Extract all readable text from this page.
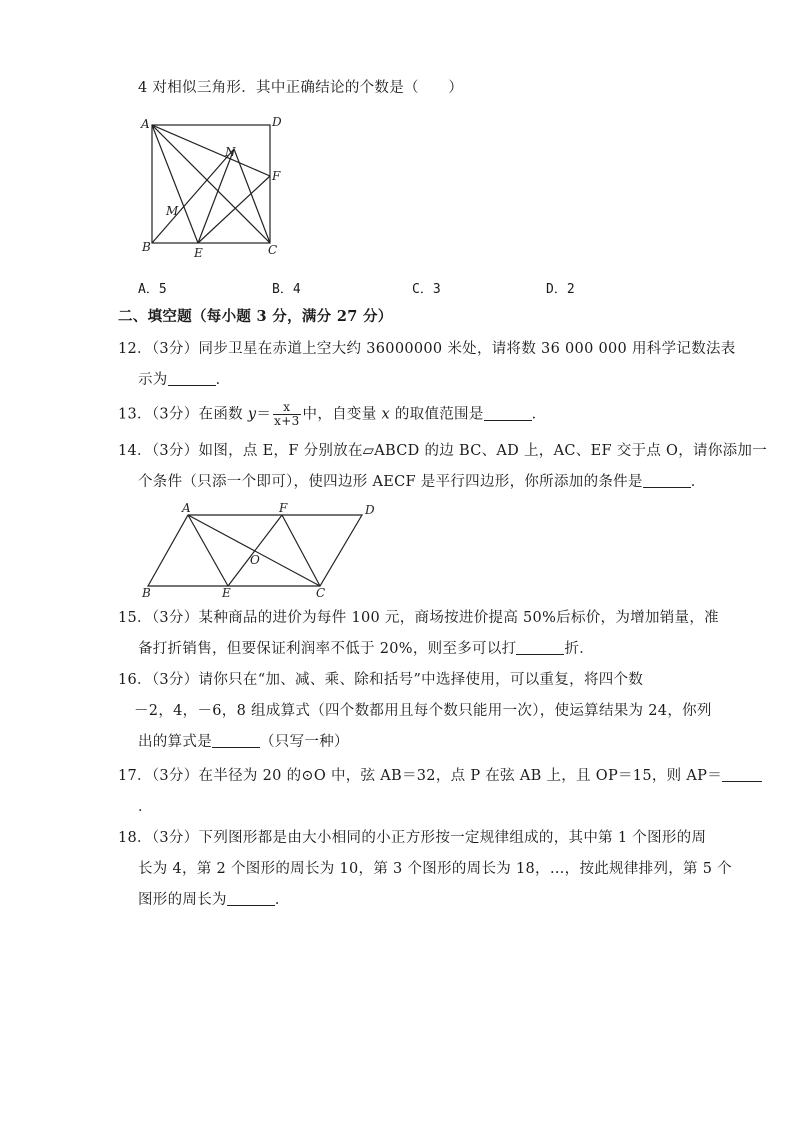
4 对相似三角形．其中正确结论的个数是（　　）
A	D
N
F
M
B	E	C
A．5	B．4	C．3	D．2
二、填空题（每小题 3 分，满分 27 分）
12．（3分）同步卫星在赤道上空大约 36000000 米处，请将数 36 000 000 用科学记数法表
示为	．
13．（3分）在函数 $y= \frac{x}{x+3}$ 中，自变量 x 的取值范围是	．
14．（3分）如图，点 E，F 分别放在▱ABCD 的边 BC、AD 上，AC、EF 交于点 O，请你添加一
个条件（只添一个即可），使四边形 AECF 是平行四边形，你所添加的条件是	．
A	F	D
O
B	E	C
15．（3分）某种商品的进价为每件 100 元，商场按进价提高 50%后标价，为增加销量，准
备打折销售，但要保证利润率不低于 20%，则至多可以打	折．
16．（3分）请你只在“加、减、乘、除和括号”中选择使用，可以重复，将四个数
－2，4，－6，8 组成算式（四个数都用且每个数只能用一次），使运算结果为 24，你列
出的算式是	（只写一种）
17．（3分）在半径为 20 的⊙O 中，弦 AB＝32，点 P 在弦 AB 上，且 OP＝15，则 AP＝
．
18．（3分）下列图形都是由大小相同的小正方形按一定规律组成的，其中第 1 个图形的周
长为 4，第 2 个图形的周长为 10，第 3 个图形的周长为 18，…，按此规律排列，第 5 个
图形的周长为	．
